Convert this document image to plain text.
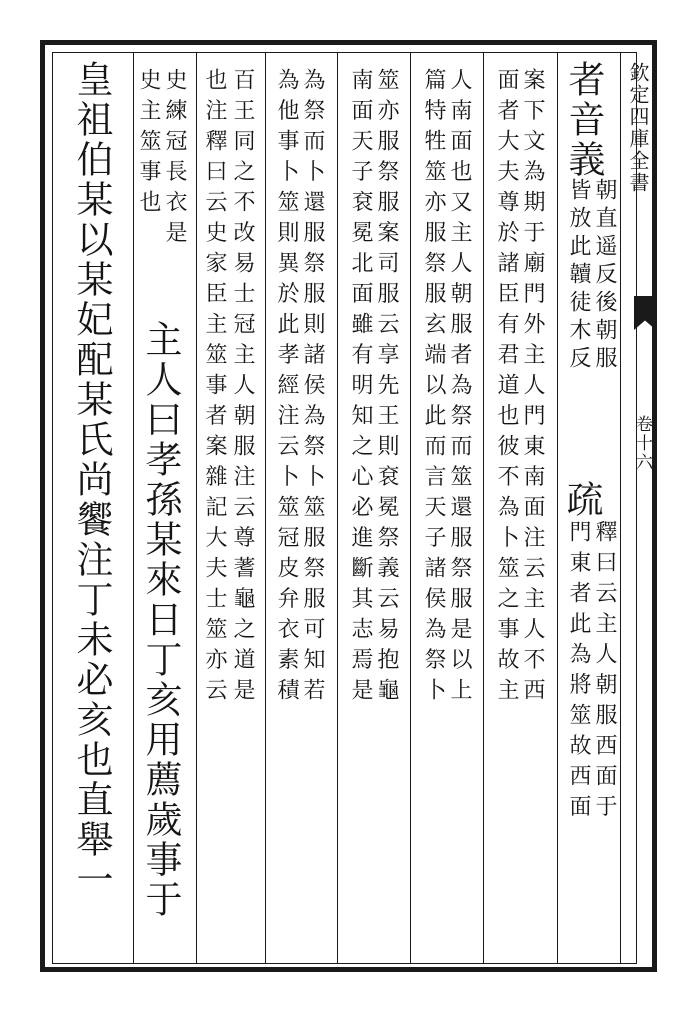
欽定四庫全書
卷十六
者音義
朝直遥反後朝服
皆放此韥徒木反
疏
釋曰云主人朝服西面于
門東者此為將筮故西面
案下文為期于廟門外主人門東南面注云主人不西
面者大夫尊於諸臣有君道也彼不為卜筮之事故主
人南面也又主人朝服者為祭而筮還服祭服是以上
篇特牲筮亦服祭服玄端以此而言天子諸侯為祭卜
筮亦服祭服案司服云享先王則袞冕祭義云易抱龜
南面天子袞冕北面雖有明知之心必進斷其志焉是
為祭而卜還服祭服則諸侯為祭卜筮服祭服可知若
為他事卜筮則異於此孝經注云卜筮冠皮弁衣素積
百王同之不改易士冠主人朝服注云尊蓍龜之道是
也注釋曰云史家臣主筮事者案雜記大夫士筮亦云
史練冠長衣是
史主筮事也
主人曰孝孫某來日丁亥用薦歲事于
皇祖伯某以某妃配某氏尚饗注丁未必亥也直舉一
